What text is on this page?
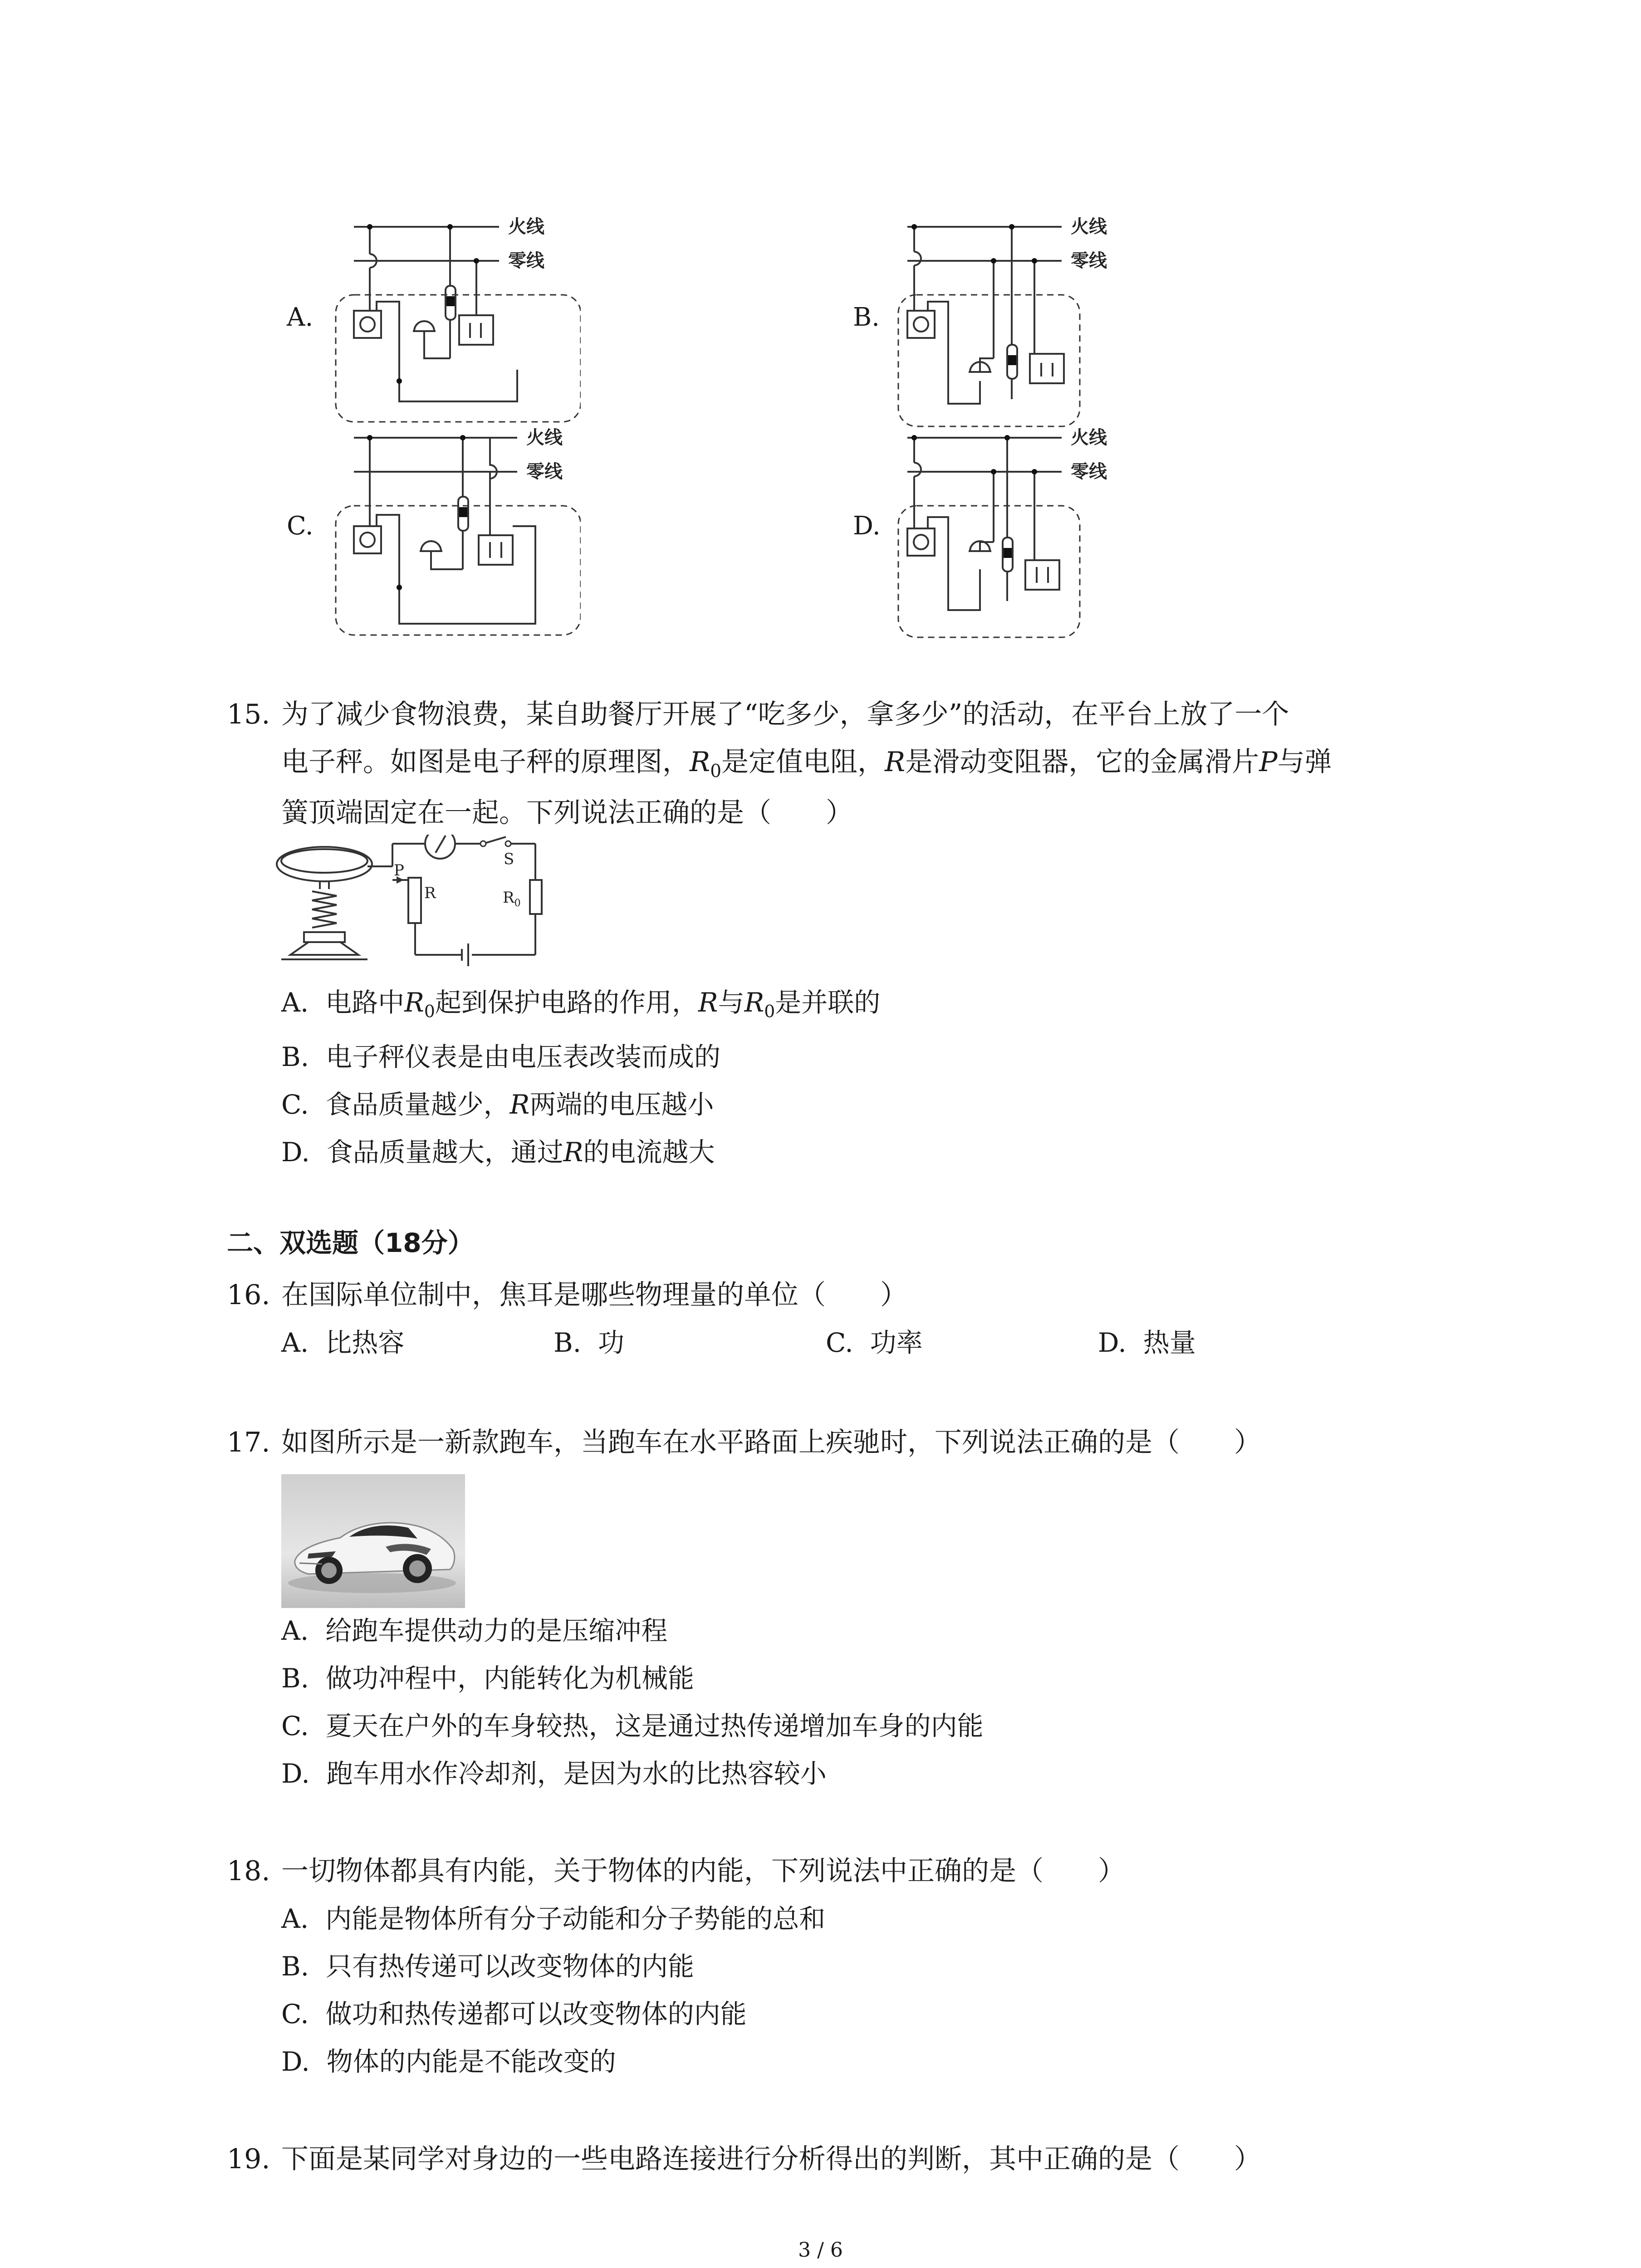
A.	B.
C.	D.
火线
零线
火线
零线
火线
零线
火线
零线
15. 为了减少食物浪费，某自助餐厅开展了“吃多少，拿多少”的活动，在平台上放了一个
电子秤。如图是电子秤的原理图，$R_0$是定值电阻，R是滑动变阻器，它的金属滑片P与弹
簧顶端固定在一起。下列说法正确的是（　　）
P
R
S
$R_0$
A. 电路中$R_0$起到保护电路的作用，R与$R_0$是并联的
B. 电子秤仪表是由电压表改装而成的
C. 食品质量越少，R两端的电压越小
D. 食品质量越大，通过R的电流越大
二、双选题（18分）
16. 在国际单位制中，焦耳是哪些物理量的单位（　　）
A. 比热容	B. 功	C. 功率	D. 热量
17. 如图所示是一新款跑车，当跑车在水平路面上疾驰时，下列说法正确的是（　　）
A. 给跑车提供动力的是压缩冲程
B. 做功冲程中，内能转化为机械能
C. 夏天在户外的车身较热，这是通过热传递增加车身的内能
D. 跑车用水作冷却剂，是因为水的比热容较小
18. 一切物体都具有内能，关于物体的内能，下列说法中正确的是（　　）
A. 内能是物体所有分子动能和分子势能的总和
B. 只有热传递可以改变物体的内能
C. 做功和热传递都可以改变物体的内能
D. 物体的内能是不能改变的
19. 下面是某同学对身边的一些电路连接进行分析得出的判断，其中正确的是（　　）
3 / 6
